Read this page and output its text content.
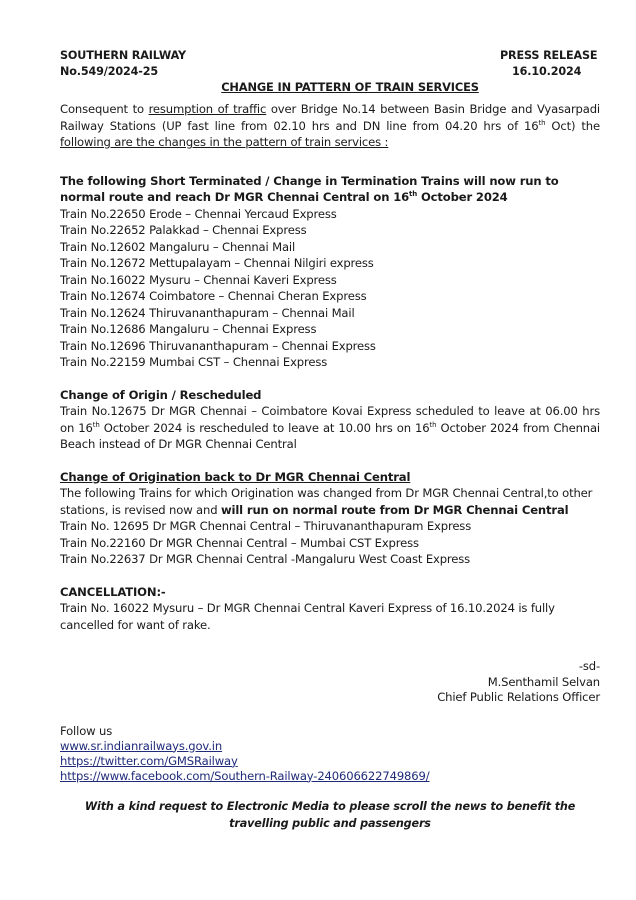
SOUTHERN RAILWAY	PRESS RELEASE
No.549/2024-25	16.10.2024
CHANGE IN PATTERN OF TRAIN SERVICES
Consequent to resumption of traffic over Bridge No.14 between Basin Bridge and Vyasarpadi Railway Stations (UP fast line from 02.10 hrs and DN line from 04.20 hrs of 16th Oct) the following are the changes in the pattern of train services :
The following Short Terminated / Change in Termination Trains will now run to normal route and reach Dr MGR Chennai Central on 16th October 2024
Train No.22650 Erode – Chennai Yercaud Express
Train No.22652 Palakkad – Chennai Express
Train No.12602 Mangaluru – Chennai Mail
Train No.12672 Mettupalayam – Chennai Nilgiri express
Train No.16022 Mysuru – Chennai Kaveri Express
Train No.12674 Coimbatore – Chennai Cheran Express
Train No.12624 Thiruvananthapuram – Chennai Mail
Train No.12686 Mangaluru – Chennai Express
Train No.12696 Thiruvananthapuram – Chennai Express
Train No.22159 Mumbai CST – Chennai Express
Change of Origin / Rescheduled
Train No.12675 Dr MGR Chennai – Coimbatore Kovai Express scheduled to leave at 06.00 hrs on 16th October 2024 is rescheduled to leave at 10.00 hrs on 16th October 2024 from Chennai Beach instead of Dr MGR Chennai Central
Change of Origination back to Dr MGR Chennai Central
The following Trains for which Origination was changed from Dr MGR Chennai Central,to other stations, is revised now and will run on normal route from Dr MGR Chennai Central
Train No. 12695 Dr MGR Chennai Central – Thiruvananthapuram Express
Train No.22160 Dr MGR Chennai Central – Mumbai CST Express
Train No.22637 Dr MGR Chennai Central -Mangaluru West Coast Express
CANCELLATION:-
Train No. 16022 Mysuru – Dr MGR Chennai Central Kaveri Express of 16.10.2024 is fully
cancelled for want of rake.
-sd-
M.Senthamil Selvan
Chief Public Relations Officer
Follow us
www.sr.indianrailways.gov.in
https://twitter.com/GMSRailway
https://www.facebook.com/Southern-Railway-240606622749869/
With a kind request to Electronic Media to please scroll the news to benefit the travelling public and passengers
